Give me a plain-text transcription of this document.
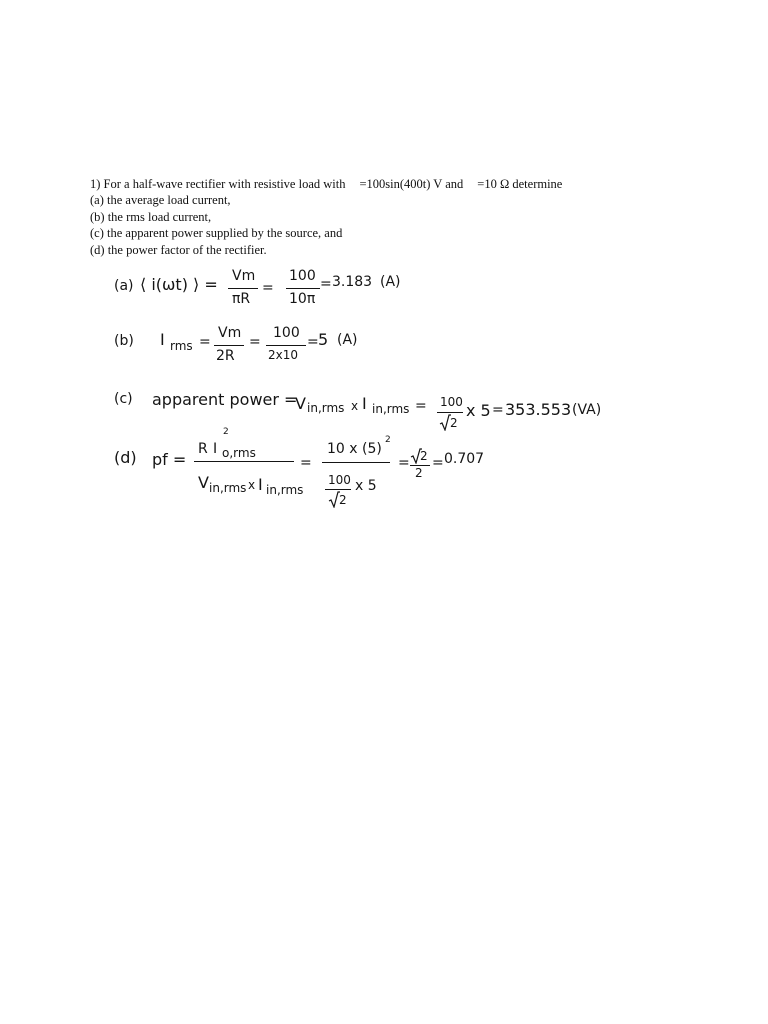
1) For a half-wave rectifier with resistive load with =100sin(400t) V and =10 Ω determine
(a) the average load current,
(b) the rms load current,
(c) the apparent power supplied by the source, and
(d) the power factor of the rectifier.
(a) ⟨ i(ωt) ⟩ = Vm
πR
=
100
10π
= 3.183 (A)
(b) I rms =
Vm
2R
=
100
2x10
= 5 (A)
(c) apparent power =
V in,rms x I in,rms = 100
2
x 5 = 353.553 (VA)
(d) pf =
2
R I o,rms
V in,rms x I in,rms
=
10 x (5)
2
100
2
x 5
= 2
2
= 0.707
